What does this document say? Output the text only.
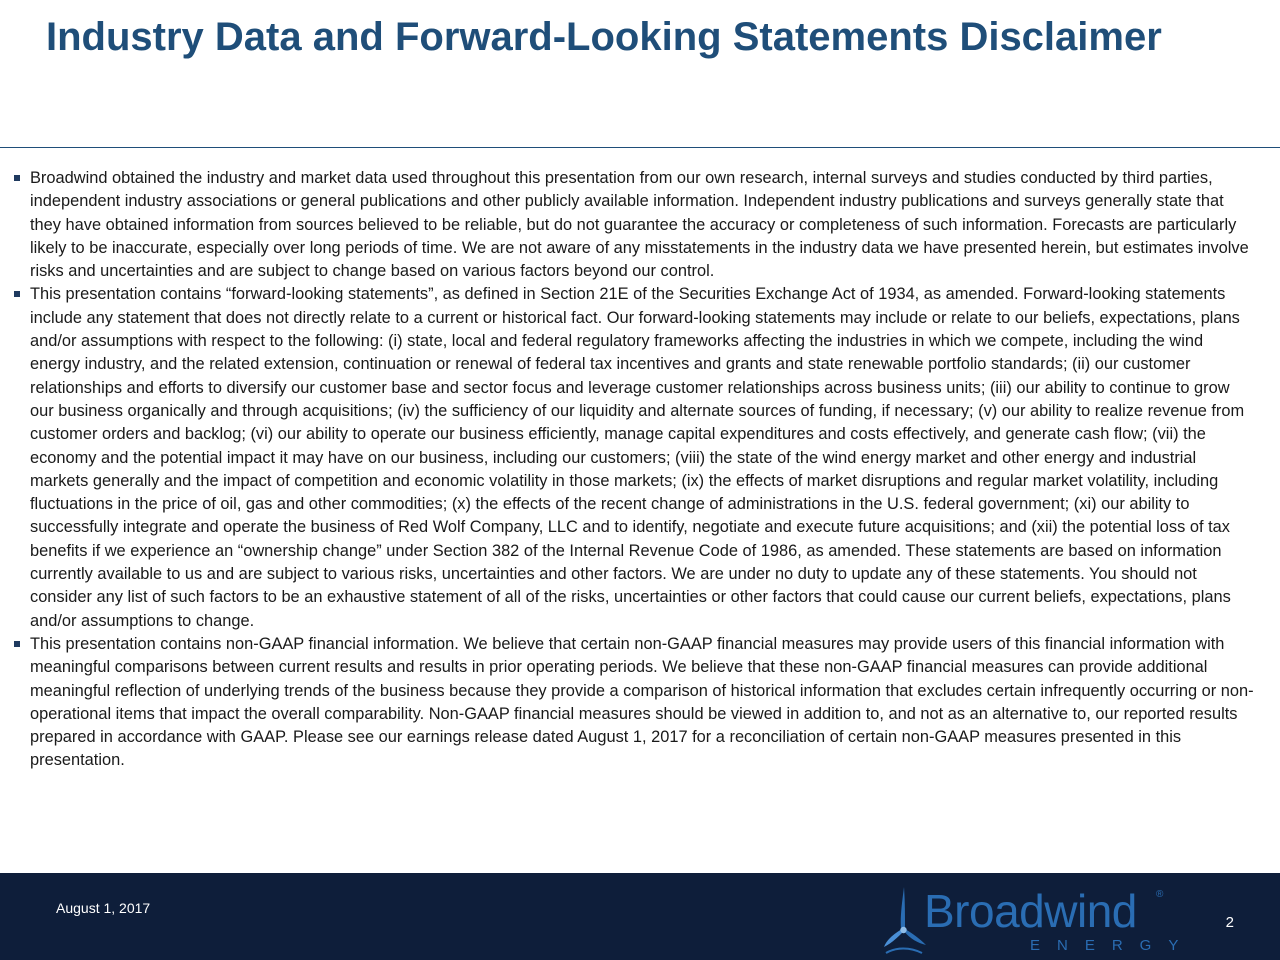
Industry Data and Forward-Looking Statements Disclaimer
Broadwind obtained the industry and market data used throughout this presentation from our own research, internal surveys and studies conducted by third parties, independent industry associations or general publications and other publicly available information. Independent industry publications and surveys generally state that they have obtained information from sources believed to be reliable, but do not guarantee the accuracy or completeness of such information. Forecasts are particularly likely to be inaccurate, especially over long periods of time. We are not aware of any misstatements in the industry data we have presented herein, but estimates involve risks and uncertainties and are subject to change based on various factors beyond our control.
This presentation contains “forward-looking statements”, as defined in Section 21E of the Securities Exchange Act of 1934, as amended. Forward-looking statements include any statement that does not directly relate to a current or historical fact. Our forward-looking statements may include or relate to our beliefs, expectations, plans and/or assumptions with respect to the following: (i) state, local and federal regulatory frameworks affecting the industries in which we compete, including the wind energy industry, and the related extension, continuation or renewal of federal tax incentives and grants and state renewable portfolio standards; (ii) our customer relationships and efforts to diversify our customer base and sector focus and leverage customer relationships across business units; (iii) our ability to continue to grow our business organically and through acquisitions; (iv) the sufficiency of our liquidity and alternate sources of funding, if necessary; (v) our ability to realize revenue from customer orders and backlog; (vi) our ability to operate our business efficiently, manage capital expenditures and costs effectively, and generate cash flow; (vii) the economy and the potential impact it may have on our business, including our customers; (viii) the state of the wind energy market and other energy and industrial markets generally and the impact of competition and economic volatility in those markets; (ix) the effects of market disruptions and regular market volatility, including fluctuations in the price of oil, gas and other commodities; (x) the effects of the recent change of administrations in the U.S. federal government; (xi) our ability to successfully integrate and operate the business of Red Wolf Company, LLC and to identify, negotiate and execute future acquisitions; and (xii) the potential loss of tax benefits if we experience an “ownership change” under Section 382 of the Internal Revenue Code of 1986, as amended. These statements are based on information currently available to us and are subject to various risks, uncertainties and other factors. We are under no duty to update any of these statements. You should not consider any list of such factors to be an exhaustive statement of all of the risks, uncertainties or other factors that could cause our current beliefs, expectations, plans and/or assumptions to change.
This presentation contains non-GAAP financial information. We believe that certain non-GAAP financial measures may provide users of this financial information with meaningful comparisons between current results and results in prior operating periods. We believe that these non-GAAP financial measures can provide additional meaningful reflection of underlying trends of the business because they provide a comparison of historical information that excludes certain infrequently occurring or non-operational items that impact the overall comparability. Non-GAAP financial measures should be viewed in addition to, and not as an alternative to, our reported results prepared in accordance with GAAP. Please see our earnings release dated August 1, 2017 for a reconciliation of certain non-GAAP measures presented in this presentation.
August 1, 2017	Broadwind ®
ENERGY
2
